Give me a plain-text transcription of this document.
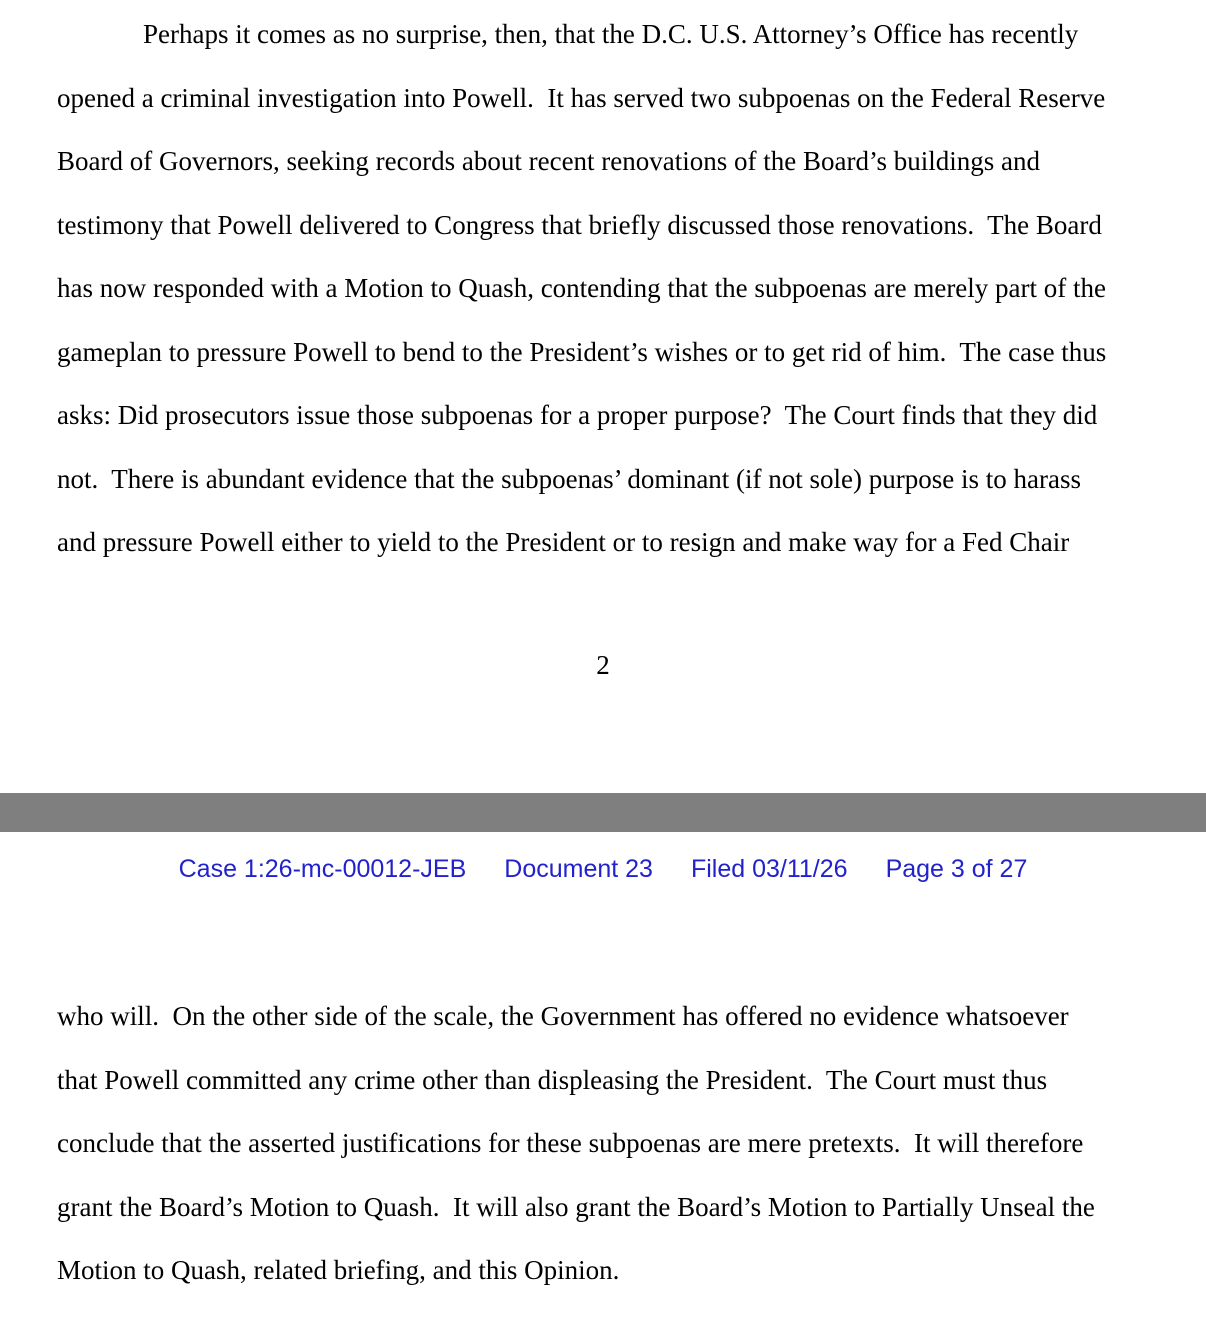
Perhaps it comes as no surprise, then, that the D.C. U.S. Attorney’s Office has recently
opened a criminal investigation into Powell.  It has served two subpoenas on the Federal Reserve
Board of Governors, seeking records about recent renovations of the Board’s buildings and
testimony that Powell delivered to Congress that briefly discussed those renovations.  The Board
has now responded with a Motion to Quash, contending that the subpoenas are merely part of the
gameplan to pressure Powell to bend to the President’s wishes or to get rid of him.  The case thus
asks: Did prosecutors issue those subpoenas for a proper purpose?  The Court finds that they did
not.  There is abundant evidence that the subpoenas’ dominant (if not sole) purpose is to harass
and pressure Powell either to yield to the President or to resign and make way for a Fed Chair
2
Case 1:26-mc-00012-JEB Document 23 Filed 03/11/26 Page 3 of 27
who will.  On the other side of the scale, the Government has offered no evidence whatsoever
that Powell committed any crime other than displeasing the President.  The Court must thus
conclude that the asserted justifications for these subpoenas are mere pretexts.  It will therefore
grant the Board’s Motion to Quash.  It will also grant the Board’s Motion to Partially Unseal the
Motion to Quash, related briefing, and this Opinion.
